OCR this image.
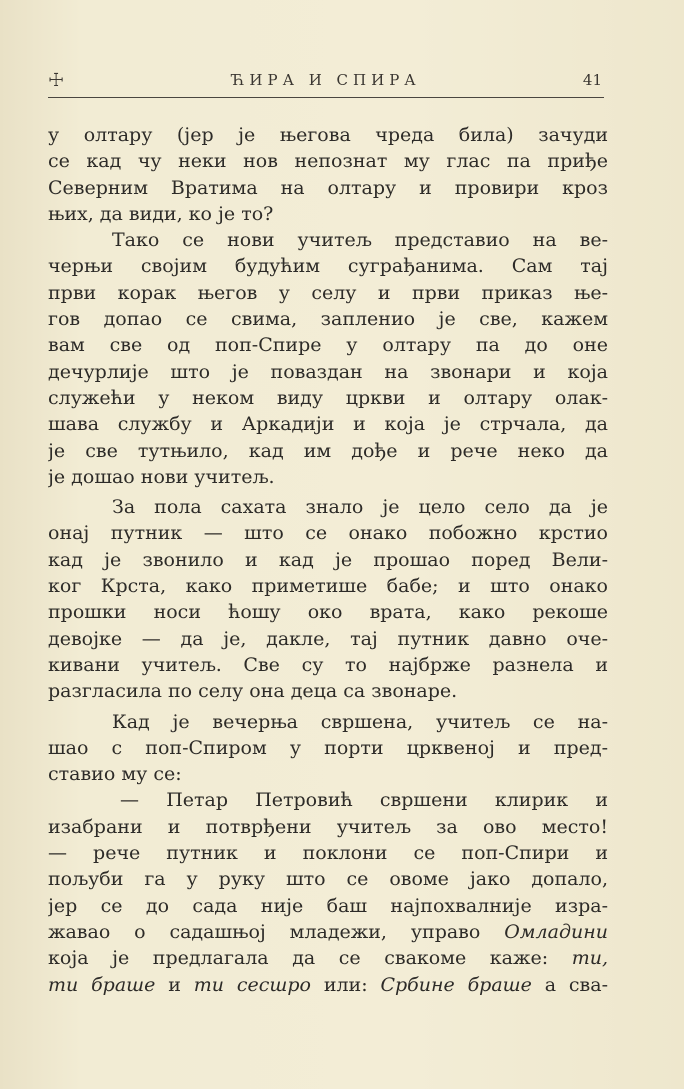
☩	ЋИРА И СПИРА	41
у олтару (јер је његова чреда била) зачуди
се кад чу неки нов непознат му глас па приђе
Северним Вратима на олтару и провири кроз
њих, да види, ко је то?
Тако се нови учитељ представио на ве-
черњи својим будућим суграђанима. Сам тај
први корак његов у селу и први приказ ње-
гов допао се свима, запленио је све, кажем
вам све од поп-Спире у олтару па до оне
дечурлије што је поваздан на звонари и која
служећи у неком виду цркви и олтару олак-
шава службу и Аркадији и која је стрчала, да
је све тутњило, кад им дође и рече неко да
је дошао нови учитељ.
За пола сахата знало је цело село да је
онај путник — што се онако побожно крстио
кад је звонило и кад је прошао поред Вели-
ког Крста, како приметише бабе; и што онако
прошки носи ћошу око врата, како рекоше
девојке — да је, дакле, тај путник давно оче-
кивани учитељ. Све су то најбрже разнела и
разгласила по селу она деца са звонаре.
Кад је вечерња свршена, учитељ се на-
шао с поп-Спиром у порти црквеној и пред-
ставио му се:
— Петар Петровић свршени клирик и
изабрани и потврђени учитељ за ово место!
— рече путник и поклони се поп-Спири и
пољуби га у руку што се овоме јако допало,
јер се до сада није баш најпохвалније изра-
жавао о садашњој младежи, управо Омладини
која је предлагала да се свакоме каже: ти,
ти браше и ти сесшро или: Србине браше а сва-
